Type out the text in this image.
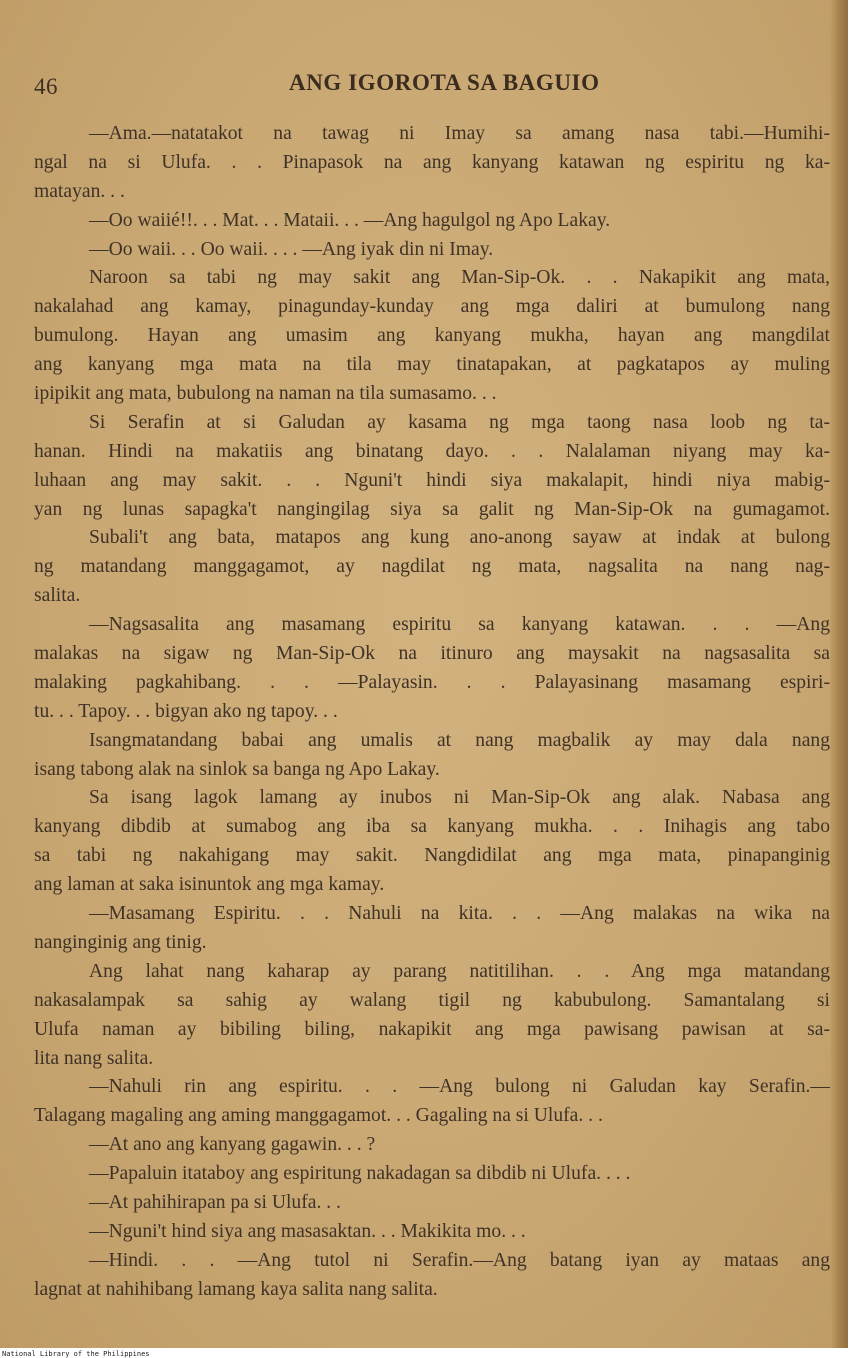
46	ANG IGOROTA SA BAGUIO
—Ama.—natatakot na tawag ni Imay sa amang nasa tabi.—Humihi-
ngal na si Ulufa. . . Pinapasok na ang kanyang katawan ng espiritu ng ka-
matayan. . .
—Oo waiié!!. . . Mat. . . Mataii. . . —Ang hagulgol ng Apo Lakay.
—Oo waii. . . Oo waii. . . . —Ang iyak din ni Imay.
Naroon sa tabi ng may sakit ang Man-Sip-Ok. . . Nakapikit ang mata,
nakalahad ang kamay, pinagunday-kunday ang mga daliri at bumulong nang
bumulong. Hayan ang umasim ang kanyang mukha, hayan ang mangdilat
ang kanyang mga mata na tila may tinatapakan, at pagkatapos ay muling
ipipikit ang mata, bubulong na naman na tila sumasamo. . .
Si Serafin at si Galudan ay kasama ng mga taong nasa loob ng ta-
hanan. Hindi na makatiis ang binatang dayo. . . Nalalaman niyang may ka-
luhaan ang may sakit. . . Nguni't hindi siya makalapit, hindi niya mabig-
yan ng lunas sapagka't nangingilag siya sa galit ng Man-Sip-Ok na gumagamot.
Subali't ang bata, matapos ang kung ano-anong sayaw at indak at bulong
ng matandang manggagamot, ay nagdilat ng mata, nagsalita na nang nag-
salita.
—Nagsasalita ang masamang espiritu sa kanyang katawan. . . —Ang
malakas na sigaw ng Man-Sip-Ok na itinuro ang maysakit na nagsasalita sa
malaking pagkahibang. . . —Palayasin. . . Palayasinang masamang espiri-
tu. . . Tapoy. . . bigyan ako ng tapoy. . .
Isangmatandang babai ang umalis at nang magbalik ay may dala nang
isang tabong alak na sinlok sa banga ng Apo Lakay.
Sa isang lagok lamang ay inubos ni Man-Sip-Ok ang alak. Nabasa ang
kanyang dibdib at sumabog ang iba sa kanyang mukha. . . Inihagis ang tabo
sa tabi ng nakahigang may sakit. Nangdidilat ang mga mata, pinapanginig
ang laman at saka isinuntok ang mga kamay.
—Masamang Espiritu. . . Nahuli na kita. . . —Ang malakas na wika na
nanginginig ang tinig.
Ang lahat nang kaharap ay parang natitilihan. . . Ang mga matandang
nakasalampak sa sahig ay walang tigil ng kabubulong. Samantalang si
Ulufa naman ay bibiling biling, nakapikit ang mga pawisang pawisan at sa-
lita nang salita.
—Nahuli rin ang espiritu. . . —Ang bulong ni Galudan kay Serafin.—
Talagang magaling ang aming manggagamot. . . Gagaling na si Ulufa. . .
—At ano ang kanyang gagawin. . . ?
—Papaluin itataboy ang espiritung nakadagan sa dibdib ni Ulufa. . . .
—At pahihirapan pa si Ulufa. . .
—Nguni't hind siya ang masasaktan. . . Makikita mo. . .
—Hindi. . . —Ang tutol ni Serafin.—Ang batang iyan ay mataas ang
lagnat at nahihibang lamang kaya salita nang salita.
National Library of the Philippines
